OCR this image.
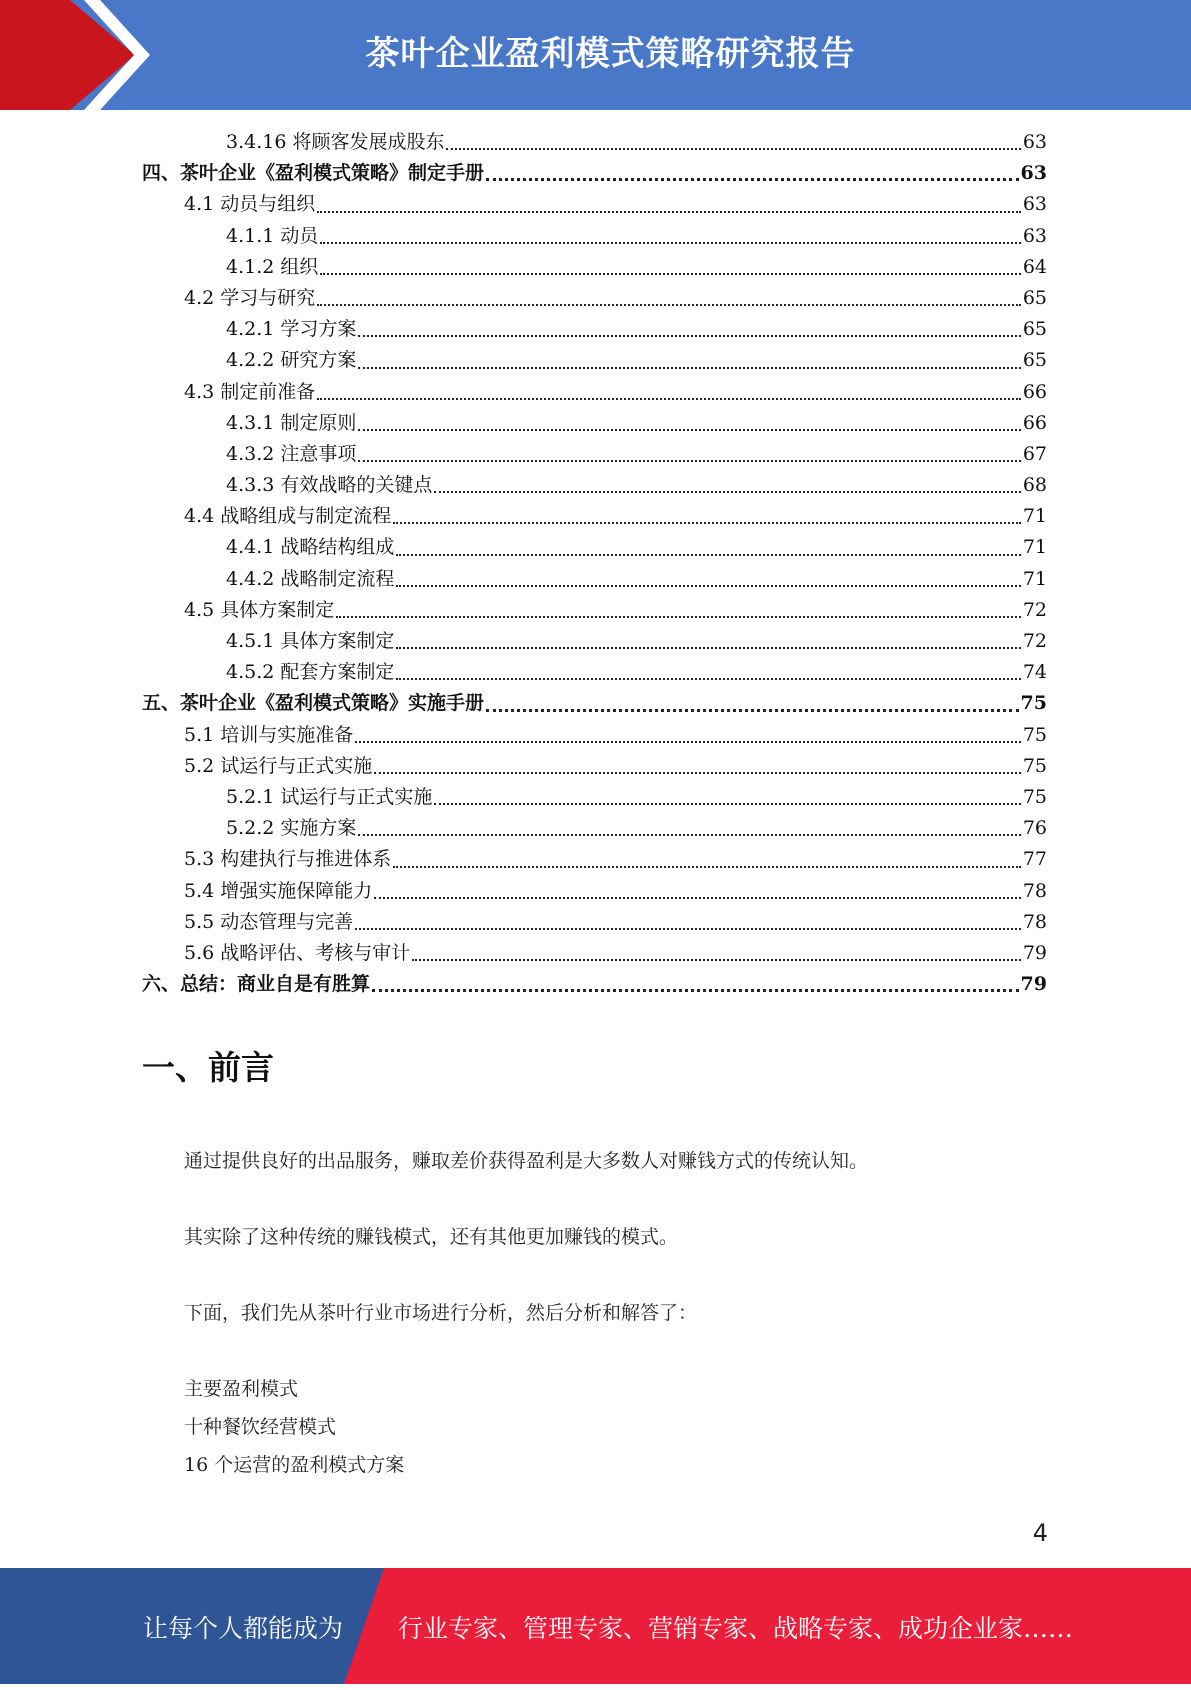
茶叶企业盈利模式策略研究报告
3.4.16 将顾客发展成股东	63
四、茶叶企业《盈利模式策略》制定手册	63
4.1 动员与组织	63
4.1.1 动员	63
4.1.2 组织	64
4.2 学习与研究	65
4.2.1 学习方案	65
4.2.2 研究方案	65
4.3 制定前准备	66
4.3.1 制定原则	66
4.3.2 注意事项	67
4.3.3 有效战略的关键点	68
4.4 战略组成与制定流程	71
4.4.1 战略结构组成	71
4.4.2 战略制定流程	71
4.5 具体方案制定	72
4.5.1 具体方案制定	72
4.5.2 配套方案制定	74
五、茶叶企业《盈利模式策略》实施手册	75
5.1 培训与实施准备	75
5.2 试运行与正式实施	75
5.2.1 试运行与正式实施	75
5.2.2 实施方案	76
5.3 构建执行与推进体系	77
5.4 增强实施保障能力	78
5.5 动态管理与完善	78
5.6 战略评估、考核与审计	79
六、总结：商业自是有胜算	79
一、前言
通过提供良好的出品服务，赚取差价获得盈利是大多数人对赚钱方式的传统认知。
其实除了这种传统的赚钱模式，还有其他更加赚钱的模式。
下面，我们先从茶叶行业市场进行分析，然后分析和解答了：
主要盈利模式
十种餐饮经营模式
16 个运营的盈利模式方案
4
让每个人都能成为 行业专家、管理专家、营销专家、战略专家、成功企业家……
